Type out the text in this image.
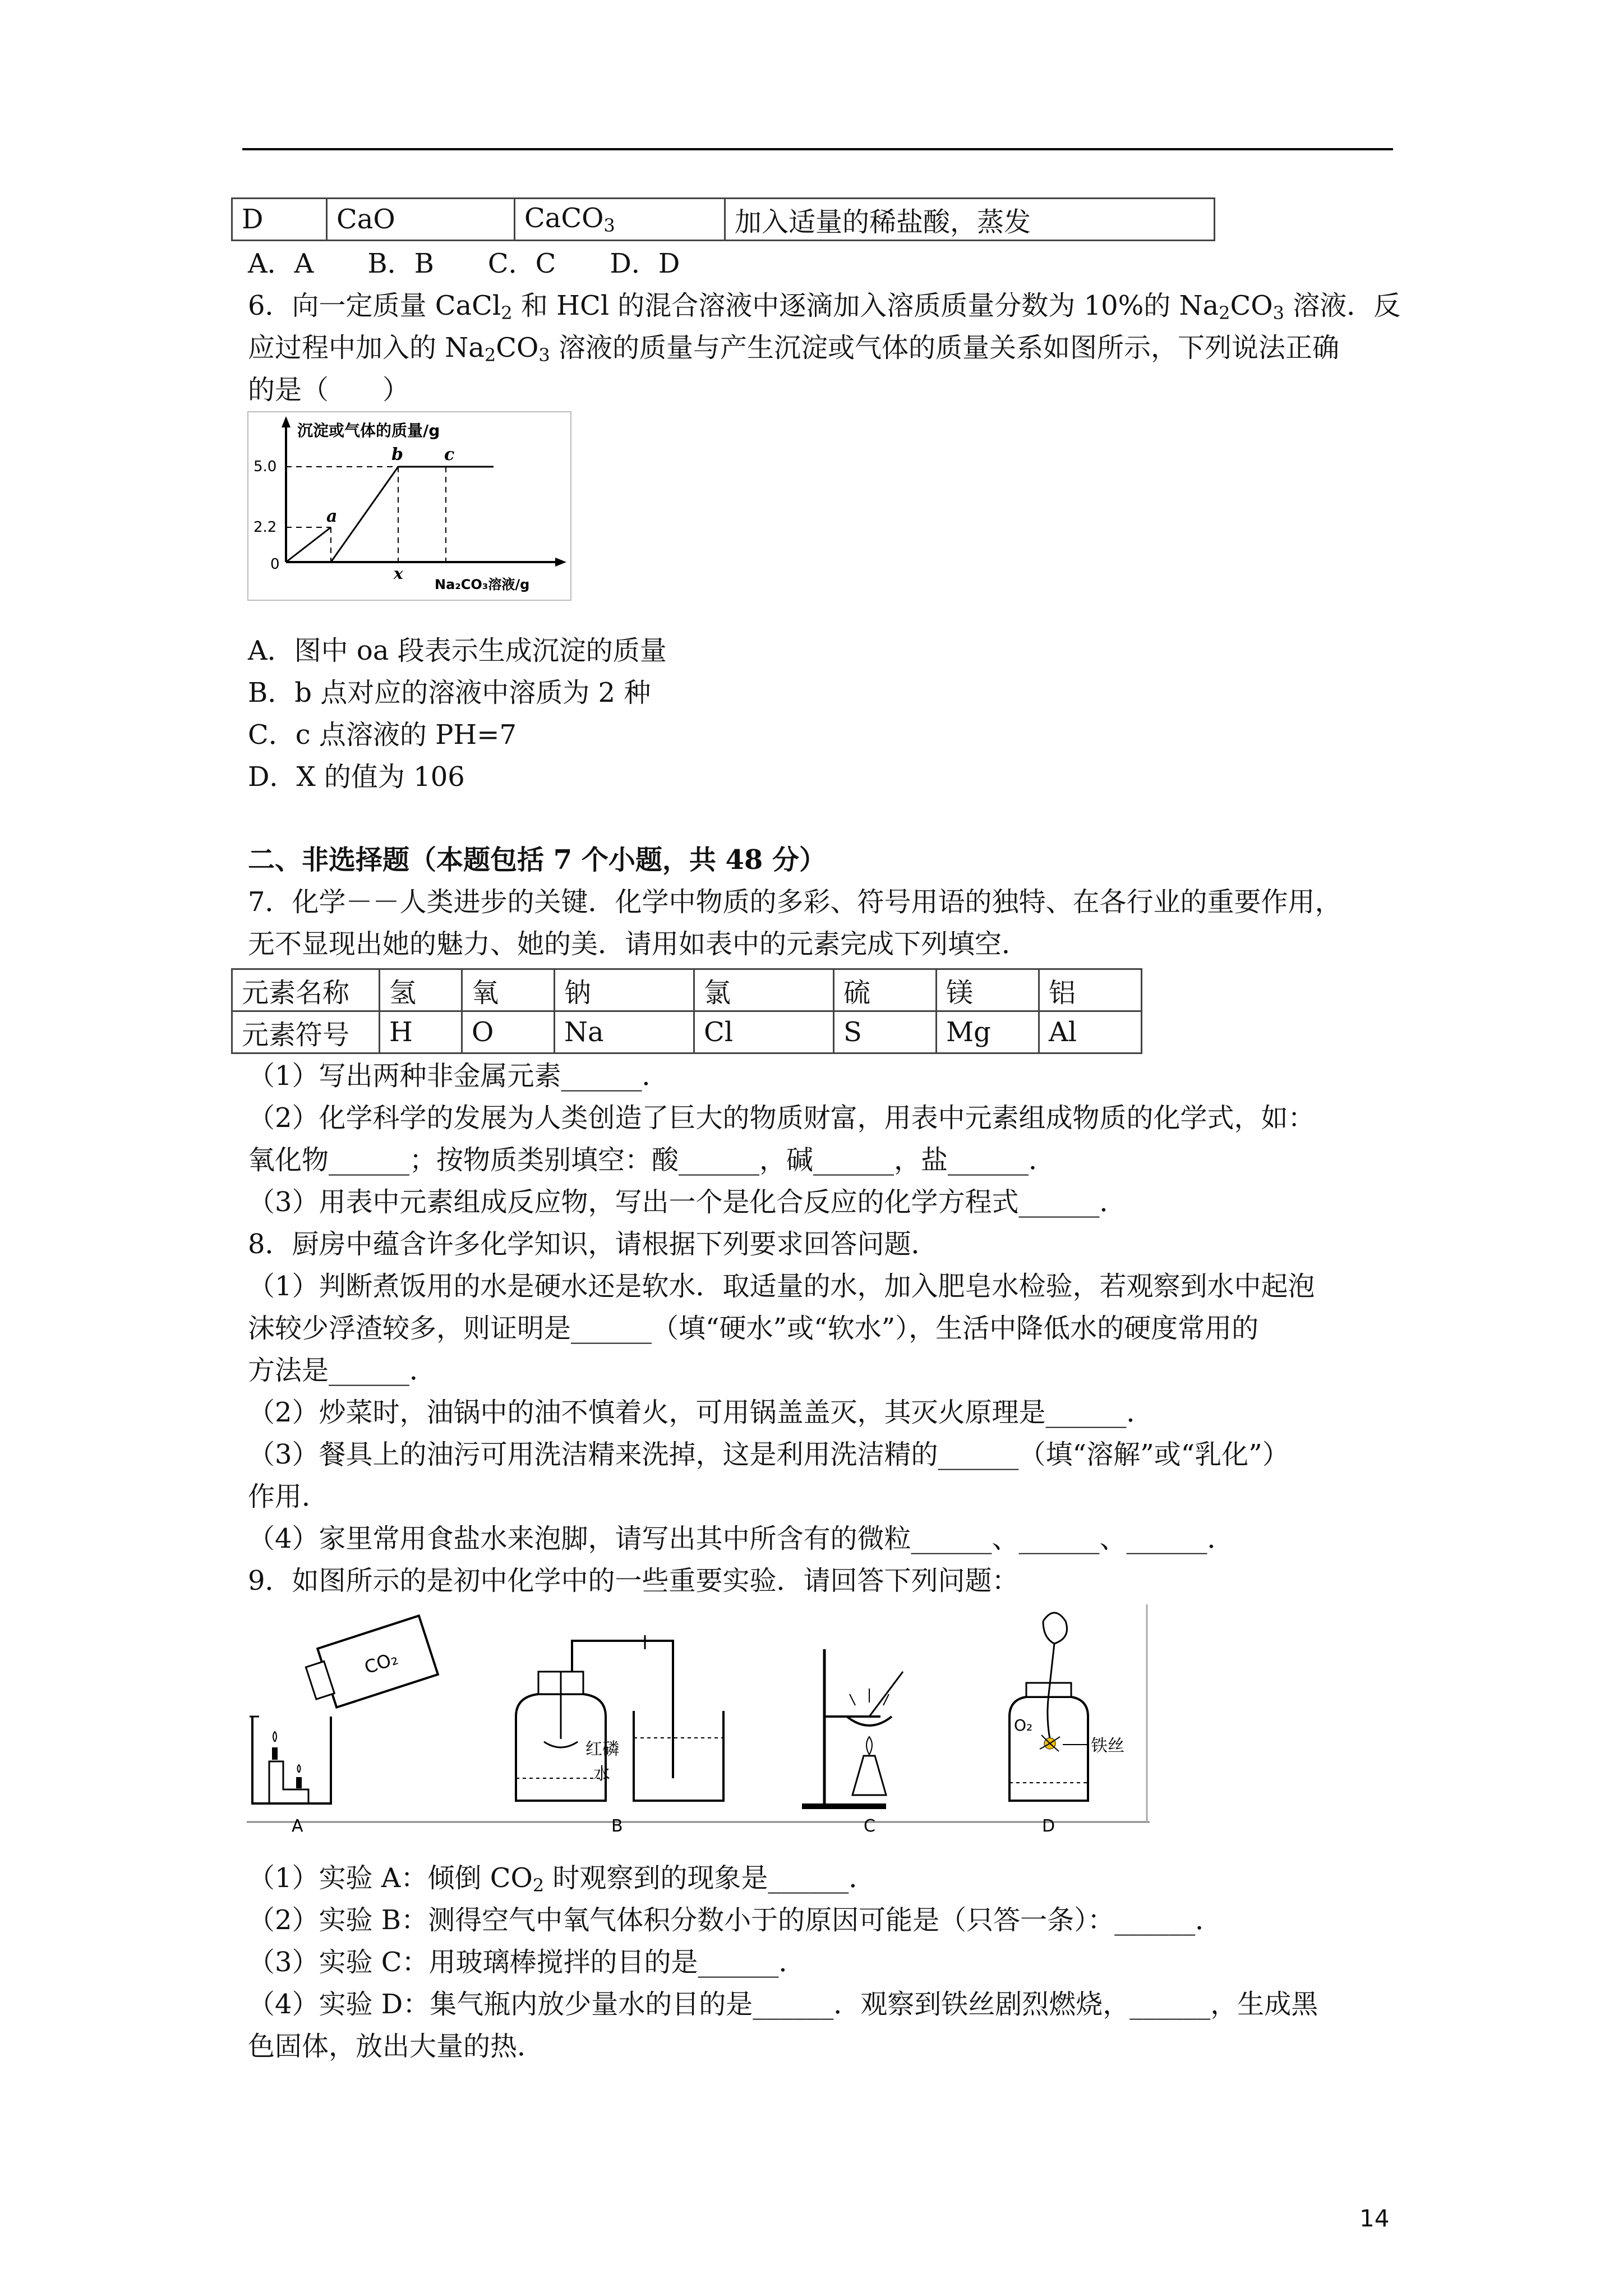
D	CaO	CaCO$_3$	加入适量的稀盐酸，蒸发
A．A　　B．B　　C．C　　D．D
6．向一定质量 CaCl$_2$ 和 HCl 的混合溶液中逐滴加入溶质质量分数为 10%的 $Na_2CO_3$ 溶液．反
应过程中加入的 $Na_2CO_3$ 溶液的质量与产生沉淀或气体的质量关系如图所示，下列说法正确
的是（　　）
沉淀或气体的质量/g
Na₂CO₃溶液/g
5.0
2.2
0
a
b c
x
A．图中 oa 段表示生成沉淀的质量
B．b 点对应的溶液中溶质为 2 种
C．c 点溶液的 PH=7
D．X 的值为 106
二、非选择题（本题包括 7 个小题，共 48 分）
7．化学－－人类进步的关键．化学中物质的多彩、符号用语的独特、在各行业的重要作用，
无不显现出她的魅力、她的美．请用如表中的元素完成下列填空．
元素名称	氢	氧	钠	氯	硫	镁	铝
元素符号	H	O	Na	Cl	S	Mg	Al
（1）写出两种非金属元素______．
（2）化学科学的发展为人类创造了巨大的物质财富，用表中元素组成物质的化学式，如：
氧化物______；按物质类别填空：酸______，碱______，盐______．
（3）用表中元素组成反应物，写出一个是化合反应的化学方程式______．
8．厨房中蕴含许多化学知识，请根据下列要求回答问题．
（1）判断煮饭用的水是硬水还是软水．取适量的水，加入肥皂水检验，若观察到水中起泡
沫较少浮渣较多，则证明是______（填“硬水”或“软水”），生活中降低水的硬度常用的
方法是______．
（2）炒菜时，油锅中的油不慎着火，可用锅盖盖灭，其灭火原理是______．
（3）餐具上的油污可用洗洁精来洗掉，这是利用洗洁精的______（填“溶解”或“乳化”）
作用．
（4）家里常用食盐水来泡脚，请写出其中所含有的微粒______、______、______．
9．如图所示的是初中化学中的一些重要实验．请回答下列问题：
CO₂
A
红磷
水
B	C
O₂
铁丝
D
（1）实验 A：倾倒 $CO_2$ 时观察到的现象是______．
（2）实验 B：测得空气中氧气体积分数小于的原因可能是（只答一条）：______．
（3）实验 C：用玻璃棒搅拌的目的是______．
（4）实验 D：集气瓶内放少量水的目的是______．观察到铁丝剧烈燃烧，______，生成黑
色固体，放出大量的热．
14
